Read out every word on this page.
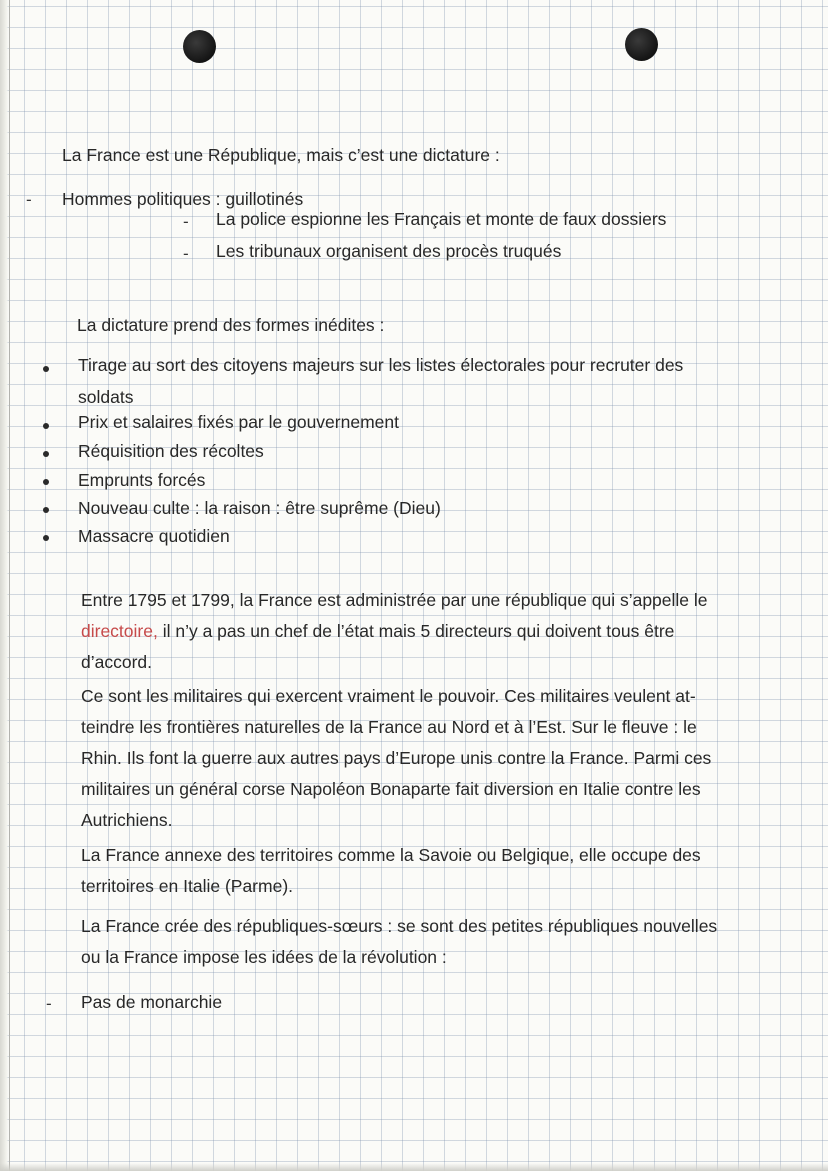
La France est une République, mais c’est une dictature :
- Hommes politiques : guillotinés
- La police espionne les Français et monte de faux dossiers
- Les tribunaux organisent des procès truqués
La dictature prend des formes inédites :
Tirage au sort des citoyens majeurs sur les listes électorales pour recruter des
soldats
Prix et salaires fixés par le gouvernement
Réquisition des récoltes
Emprunts forcés
Nouveau culte : la raison : être suprême (Dieu)
Massacre quotidien
Entre 1795 et 1799, la France est administrée par une république qui s’appelle le
directoire, il n’y a pas un chef de l’état mais 5 directeurs qui doivent tous être
d’accord.
Ce sont les militaires qui exercent vraiment le pouvoir. Ces militaires veulent at-
teindre les frontières naturelles de la France au Nord et à l’Est. Sur le fleuve : le
Rhin. Ils font la guerre aux autres pays d’Europe unis contre la France. Parmi ces
militaires un général corse Napoléon Bonaparte fait diversion en Italie contre les
Autrichiens.
La France annexe des territoires comme la Savoie ou Belgique, elle occupe des
territoires en Italie (Parme).
La France crée des républiques-sœurs : se sont des petites républiques nouvelles
ou la France impose les idées de la révolution :
- Pas de monarchie
